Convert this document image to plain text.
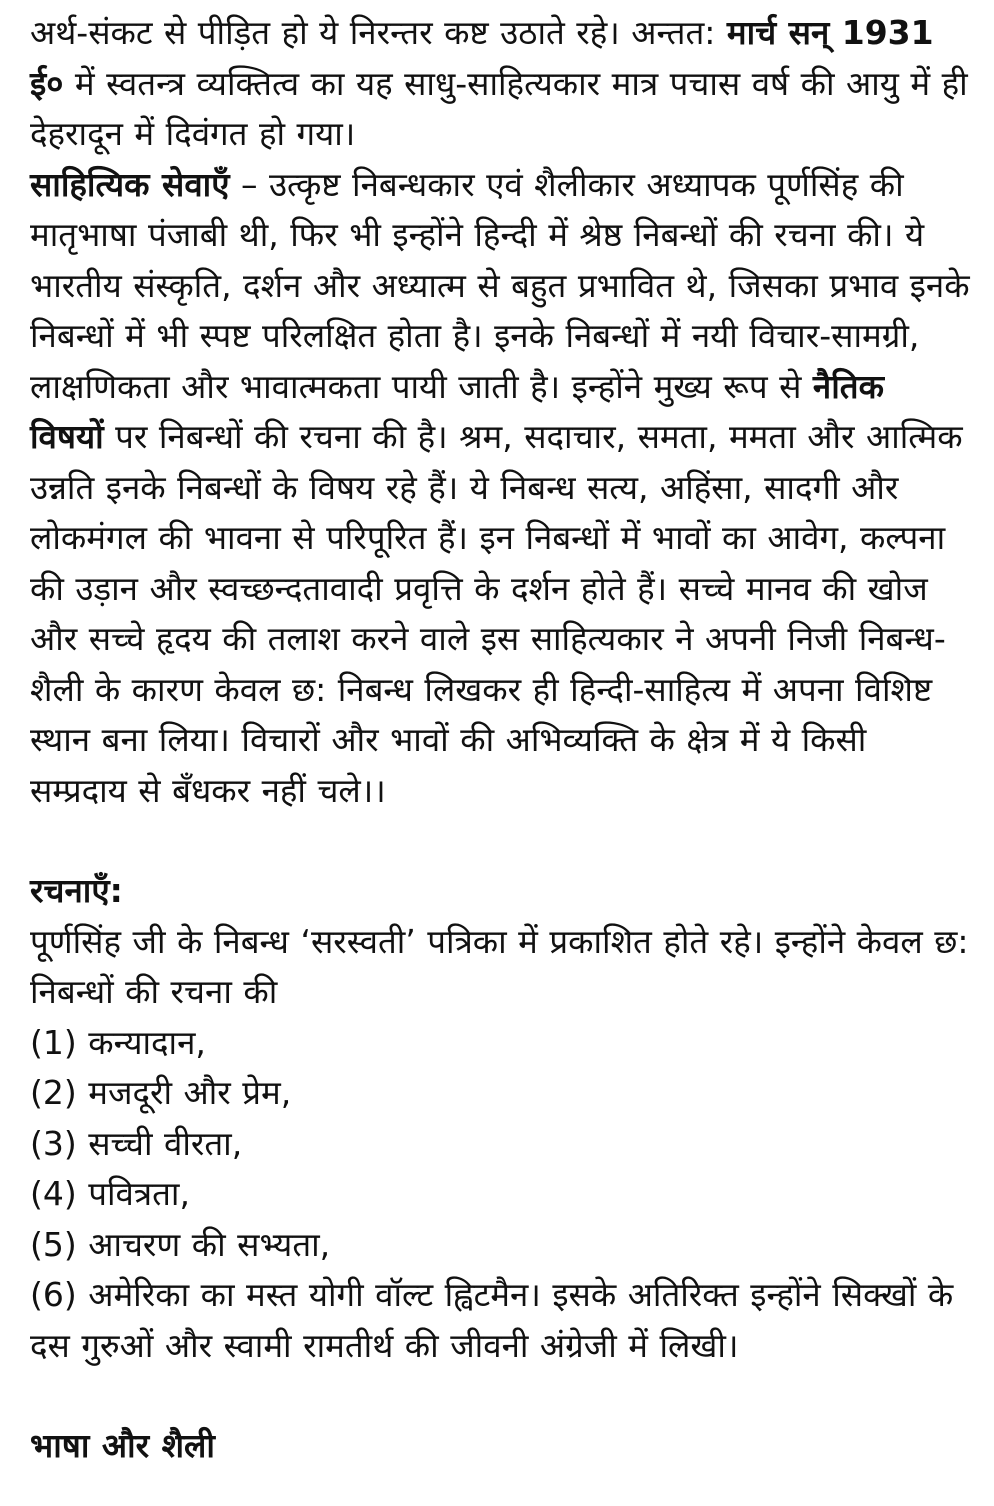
अर्थ-संकट से पीड़ित हो ये निरन्तर कष्ट उठाते रहे। अन्तत: मार्च सन् 1931 ई० में स्वतन्त्र व्यक्तित्व का यह साधु-साहित्यकार मात्र पचास वर्ष की आयु में ही देहरादून में दिवंगत हो गया।

साहित्यिक सेवाएँ – उत्कृष्ट निबन्धकार एवं शैलीकार अध्यापक पूर्णसिंह की मातृभाषा पंजाबी थी, फिर भी इन्होंने हिन्दी में श्रेष्ठ निबन्धों की रचना की। ये भारतीय संस्कृति, दर्शन और अध्यात्म से बहुत प्रभावित थे, जिसका प्रभाव इनके निबन्धों में भी स्पष्ट परिलक्षित होता है। इनके निबन्धों में नयी विचार-सामग्री, लाक्षणिकता और भावात्मकता पायी जाती है। इन्होंने मुख्य रूप से नैतिक विषयों पर निबन्धों की रचना की है। श्रम, सदाचार, समता, ममता और आत्मिक उन्नति इनके निबन्धों के विषय रहे हैं। ये निबन्ध सत्य, अहिंसा, सादगी और लोकमंगल की भावना से परिपूरित हैं। इन निबन्धों में भावों का आवेग, कल्पना की उड़ान और स्वच्छन्दतावादी प्रवृत्ति के दर्शन होते हैं। सच्चे मानव की खोज और सच्चे हृदय की तलाश करने वाले इस साहित्यकार ने अपनी निजी निबन्ध-शैली के कारण केवल छ: निबन्ध लिखकर ही हिन्दी-साहित्य में अपना विशिष्ट स्थान बना लिया। विचारों और भावों की अभिव्यक्ति के क्षेत्र में ये किसी सम्प्रदाय से बँधकर नहीं चले।।

रचनाएँ:

पूर्णसिंह जी के निबन्ध ‘सरस्वती’ पत्रिका में प्रकाशित होते रहे। इन्होंने केवल छ: निबन्धों की रचना की

(1) कन्यादान,

(2) मजदूरी और प्रेम,

(3) सच्ची वीरता,

(4) पवित्रता,

(5) आचरण की सभ्यता,

(6) अमेरिका का मस्त योगी वॉल्ट ह्विटमैन। इसके अतिरिक्त इन्होंने सिक्खों के दस गुरुओं और स्वामी रामतीर्थ की जीवनी अंग्रेजी में लिखी।

भाषा और शैली
